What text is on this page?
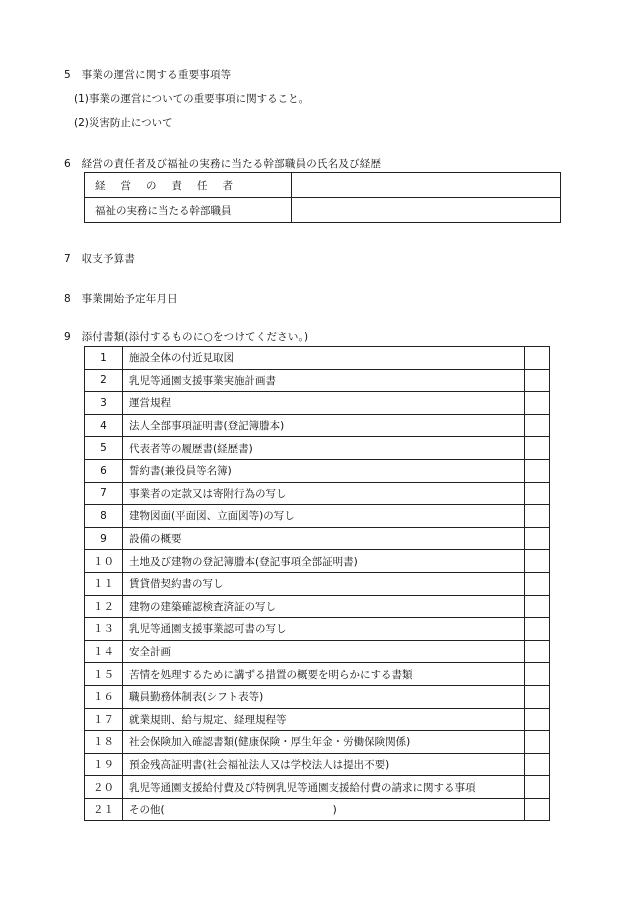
5　事業の運営に関する重要事項等
(1)事業の運営についての重要事項に関すること。
(2)災害防止について
6　経営の責任者及び福祉の実務に当たる幹部職員の氏名及び経歴
経営の責任者	
福祉の実務に当たる幹部職員	
7　収支予算書
8　事業開始予定年月日
9　添付書類(添付するものに○をつけてください。)
1	施設全体の付近見取図	
2	乳児等通園支援事業実施計画書	
3	運営規程	
4	法人全部事項証明書(登記簿謄本)	
5	代表者等の履歴書(経歴書)	
6	誓約書(兼役員等名簿)	
7	事業者の定款又は寄附行為の写し	
8	建物図面(平面図、立面図等)の写し	
9	設備の概要	
１０	土地及び建物の登記簿謄本(登記事項全部証明書)	
１１	賃貸借契約書の写し	
１２	建物の建築確認検査済証の写し	
１３	乳児等通園支援事業認可書の写し	
１４	安全計画	
１５	苦情を処理するために講ずる措置の概要を明らかにする書類	
１６	職員勤務体制表(シフト表等)	
１７	就業規則、給与規定、経理規程等	
１８	社会保険加入確認書類(健康保険・厚生年金・労働保険関係)	
１９	預金残高証明書(社会福祉法人又は学校法人は提出不要)	
２０	乳児等通園支援給付費及び特例乳児等通園支援給付費の請求に関する事項	
２１	その他(　　　　　　　　　　　　　　　　)	
